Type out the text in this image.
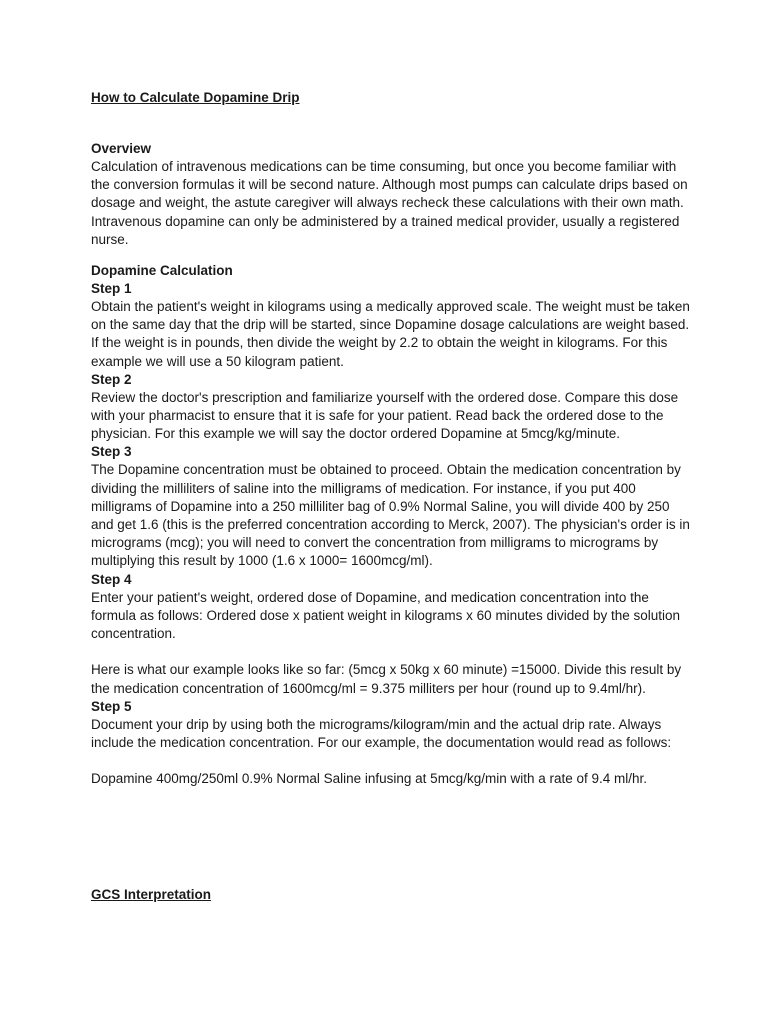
How to Calculate Dopamine Drip

Overview

Calculation of intravenous medications can be time consuming, but once you become familiar with the conversion formulas it will be second nature. Although most pumps can calculate drips based on dosage and weight, the astute caregiver will always recheck these calculations with their own math. Intravenous dopamine can only be administered by a trained medical provider, usually a registered nurse.

Dopamine Calculation

Step 1

Obtain the patient's weight in kilograms using a medically approved scale. The weight must be taken on the same day that the drip will be started, since Dopamine dosage calculations are weight based. If the weight is in pounds, then divide the weight by 2.2 to obtain the weight in kilograms. For this example we will use a 50 kilogram patient.

Step 2

Review the doctor's prescription and familiarize yourself with the ordered dose. Compare this dose with your pharmacist to ensure that it is safe for your patient. Read back the ordered dose to the physician. For this example we will say the doctor ordered Dopamine at 5mcg/kg/minute.

Step 3

The Dopamine concentration must be obtained to proceed. Obtain the medication concentration by dividing the milliliters of saline into the milligrams of medication. For instance, if you put 400 milligrams of Dopamine into a 250 milliliter bag of 0.9% Normal Saline, you will divide 400 by 250 and get 1.6 (this is the preferred concentration according to Merck, 2007). The physician's order is in micrograms (mcg); you will need to convert the concentration from milligrams to micrograms by multiplying this result by 1000 (1.6 x 1000= 1600mcg/ml).

Step 4

Enter your patient's weight, ordered dose of Dopamine, and medication concentration into the formula as follows: Ordered dose x patient weight in kilograms x 60 minutes divided by the solution concentration.

Here is what our example looks like so far: (5mcg x 50kg x 60 minute) =15000. Divide this result by the medication concentration of 1600mcg/ml = 9.375 milliters per hour (round up to 9.4ml/hr).

Step 5

Document your drip by using both the micrograms/kilogram/min and the actual drip rate. Always include the medication concentration. For our example, the documentation would read as follows:

Dopamine 400mg/250ml 0.9% Normal Saline infusing at 5mcg/kg/min with a rate of 9.4 ml/hr.

GCS Interpretation
